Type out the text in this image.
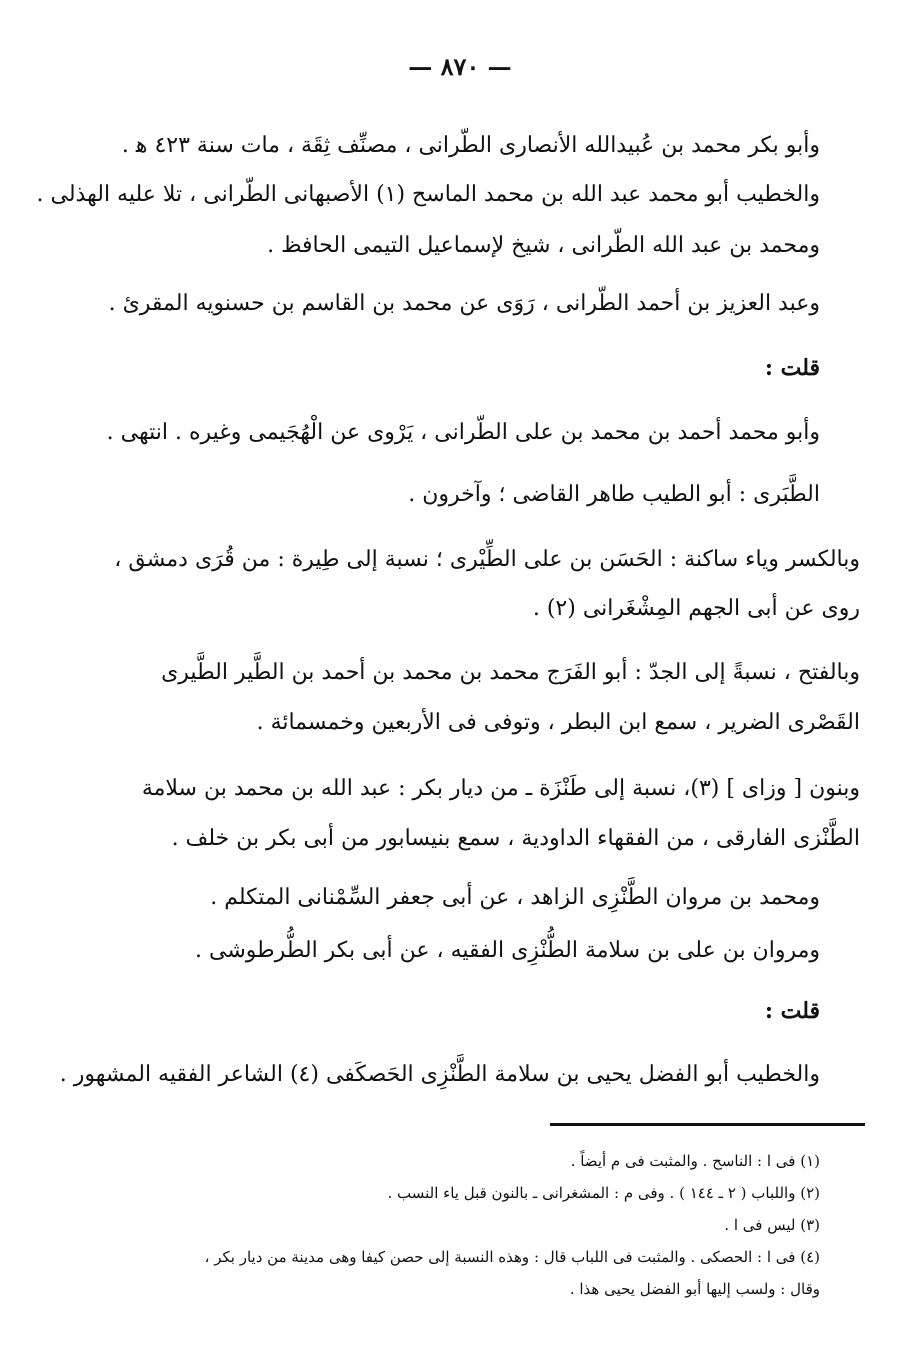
— ٨٧٠ —
وأبو بكر محمد بن عُبيدالله الأنصارى الطّرانى ، مصنِّف ثِقَة ، مات سنة ٤٢٣ ﻫ .
والخطيب أبو محمد عبد الله بن محمد الماسح (١) الأصبهانى الطّرانى ، تلا عليه الهذلى .
ومحمد بن عبد الله الطّرانى ، شيخ لإسماعيل التيمى الحافظ .
وعبد العزيز بن أحمد الطّرانى ، رَوَى عن محمد بن القاسم بن حسنويه المقرئ .
قلت :
وأبو محمد أحمد بن محمد بن على الطّرانى ، يَرْوى عن الْهُجَيمى وغيره . انتهى .
الطَّبَرى : أبو الطيب طاهر القاضى ؛ وآخرون .
وبالكسر وياء ساكنة : الحَسَن بن على الطِّيْرى ؛ نسبة إلى طِيرة : من قُرَى دمشق ،
روى عن أبى الجهم المِشْغَرانى (٢) .
وبالفتح ، نسبةً إلى الجدّ : أبو الفَرَج محمد بن محمد بن أحمد بن الطَّير الطَّيرى
القَصْرى الضرير ، سمع ابن البطر ، وتوفى فى الأربعين وخمسمائة .
وبنون [ وزاى ] (٣)، نسبة إلى طَنْزَة ـ من ديار بكر : عبد الله بن محمد بن سلامة
الطَّنْزى الفارقى ، من الفقهاء الداودية ، سمع بنيسابور من أبى بكر بن خلف .
ومحمد بن مروان الطَّنْزِى الزاهد ، عن أبى جعفر السِّمْنانى المتكلم .
ومروان بن على بن سلامة الطُّنْزِى الفقيه ، عن أبى بكر الطُّرطوشى .
قلت :
والخطيب أبو الفضل يحيى بن سلامة الطَّنْزِى الحَصكَفى (٤) الشاعر الفقيه المشهور .
(١) فى ا : الناسح . والمثبت فى م أيضاً .
(٢) واللباب ( ٢ ـ ١٤٤ ) . وفى م : المشغرانى ـ بالنون قبل ياء النسب .
(٣) ليس فى ا .
(٤) فى ا : الحصكى . والمثبت فى اللباب قال : وهذه النسبة إلى حصن كيفا وهى مدينة من ديار بكر ،
وقال : ولسب إليها أبو الفضل يحيى هذا .
